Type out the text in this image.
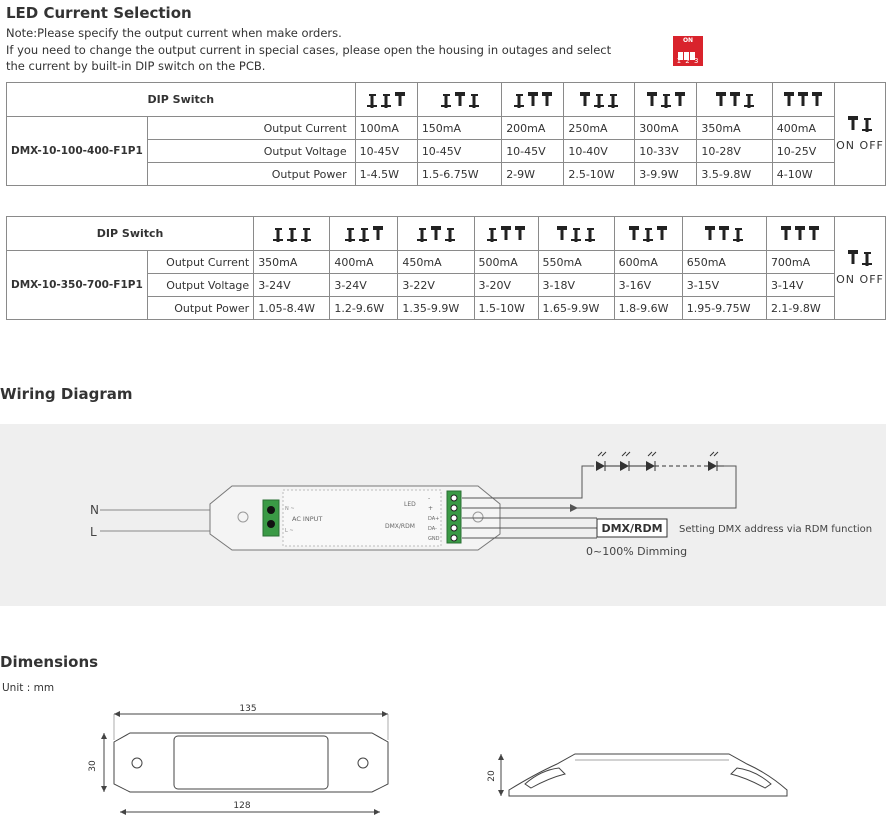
LED Current Selection
Note:Please specify the output current when make orders.
If you need to change the output current in special cases, please open the housing in outages and select
the current by built-in DIP switch on the PCB.
ON
1 2 3
DIP Switch									ON OFF

DMX-10-100-400-F1P1	Output Current	100mA	150mA	200mA	250mA	300mA	350mA	400mA	
	Output Voltage	10-45V	10-45V	10-45V	10-40V	10-33V	10-28V	10-25V	
	Output Power	1-4.5W	1.5-6.75W	2-9W	2.5-10W	3-9.9W	3.5-9.8W	4-10W	
DIP Switch										ON OFF

DMX-10-350-700-F1P1	Output Current	350mA	400mA	450mA	500mA	550mA	600mA	650mA	700mA	
	Output Voltage	3-24V	3-24V	3-22V	3-20V	3-18V	3-16V	3-15V	3-14V	
	Output Power	1.05-8.4W	1.2-9.6W	1.35-9.9W	1.5-10W	1.65-9.9W	1.8-9.6W	1.95-9.75W	2.1-9.8W	
Wiring Diagram
N
L
AC INPUT
N ~
L ~
LED
DMX/RDM
-
+
DA+
DA-
GND
DMX/RDM Setting DMX address via RDM function
0~100% Dimming
Dimensions
Unit : mm
135
30
128
20
